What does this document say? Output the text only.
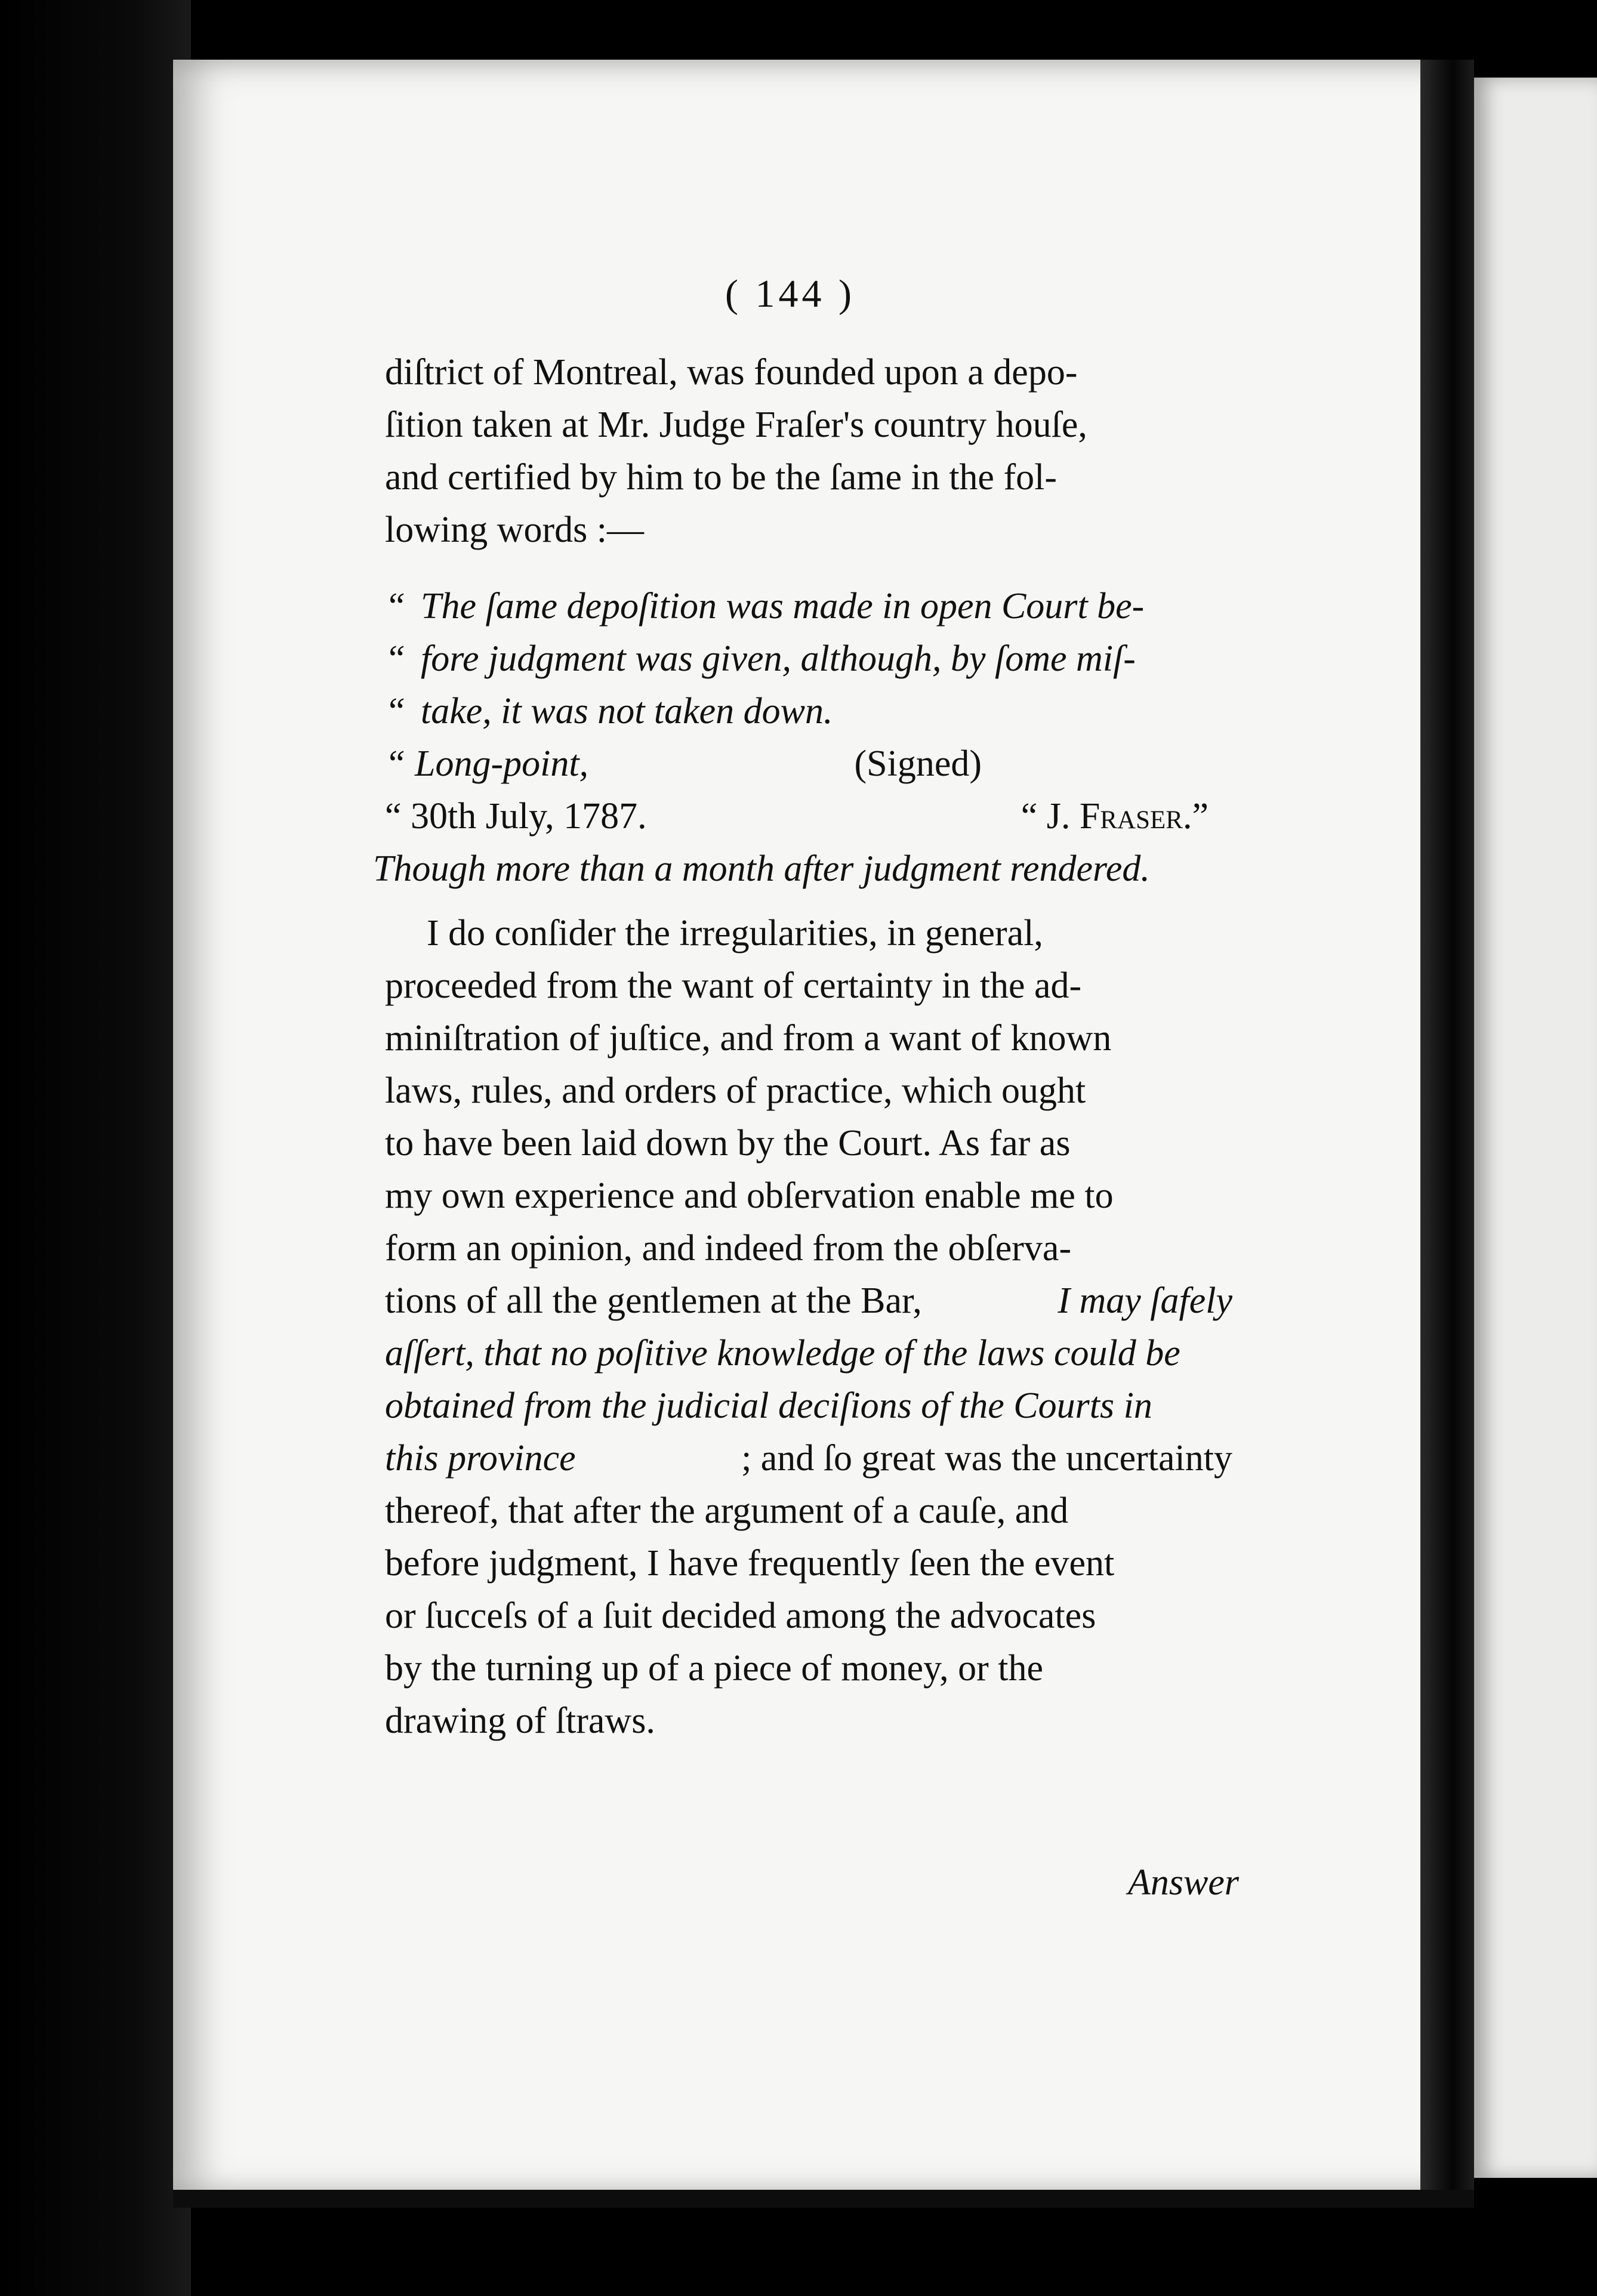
( 144 )
diſtrict of Montreal, was founded upon a depo-
ſition taken at Mr. Judge Fraſer's country houſe,
and certified by him to be the ſame in the fol-
lowing words :—
“ The ſame depoſition was made in open Court be-
“ fore judgment was given, although, by ſome miſ-
“ take, it was not taken down.
“ Long-point,	(Signed)
“ 30th July, 1787.	“ J. Fraser.”
Though more than a month after judgment rendered.
I do conſider the irregularities, in general,
proceeded from the want of certainty in the ad-
miniſtration of juſtice, and from a want of known
laws, rules, and orders of practice, which ought
to have been laid down by the Court. As far as
my own experience and obſervation enable me to
form an opinion, and indeed from the obſerva-
tions of all the gentlemen at the Bar,	I may ſafely
aſſert, that no poſitive knowledge of the laws could be
obtained from the judicial deciſions of the Courts in
this province	; and ſo great was the uncertainty
thereof, that after the argument of a cauſe, and
before judgment, I have frequently ſeen the event
or ſucceſs of a ſuit decided among the advocates
by the turning up of a piece of money, or the
drawing of ſtraws.
Answer
